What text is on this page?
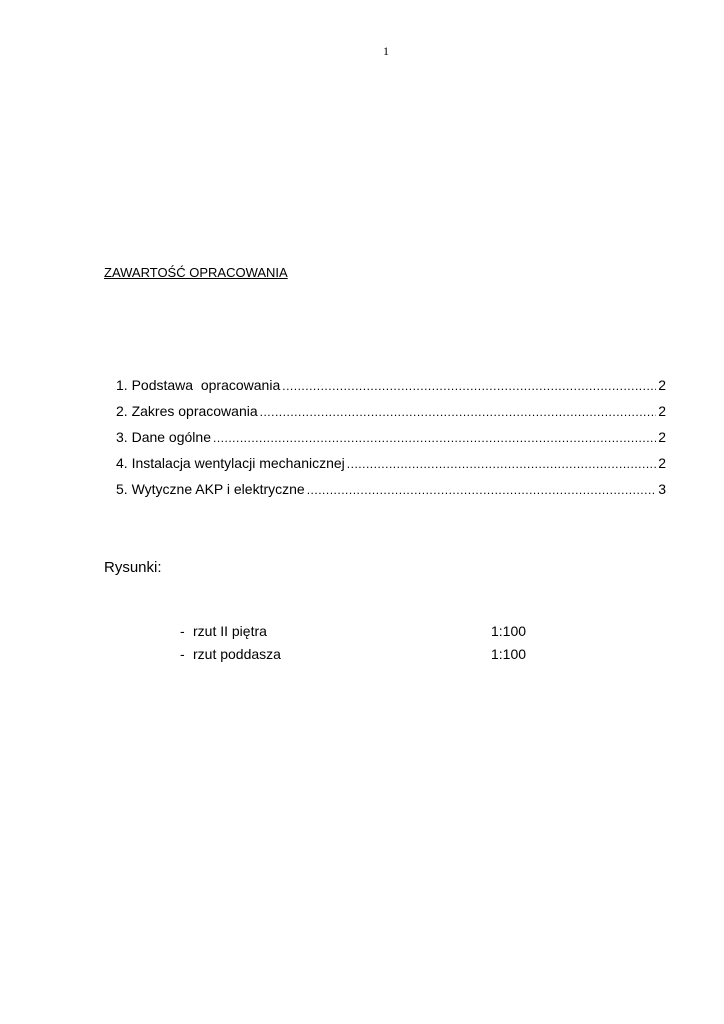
1
ZAWARTOŚĆ OPRACOWANIA
1.
Podstawa  opracowania .....	2
2.
Zakres opracowania .....	2
3.
Dane ogólne .....	2
4.
Instalacja wentylacji mechanicznej .....	2
5.
Wytyczne AKP i elektryczne .....	3
Rysunki:
- rzut II piętra	1:100
- rzut poddasza	1:100
